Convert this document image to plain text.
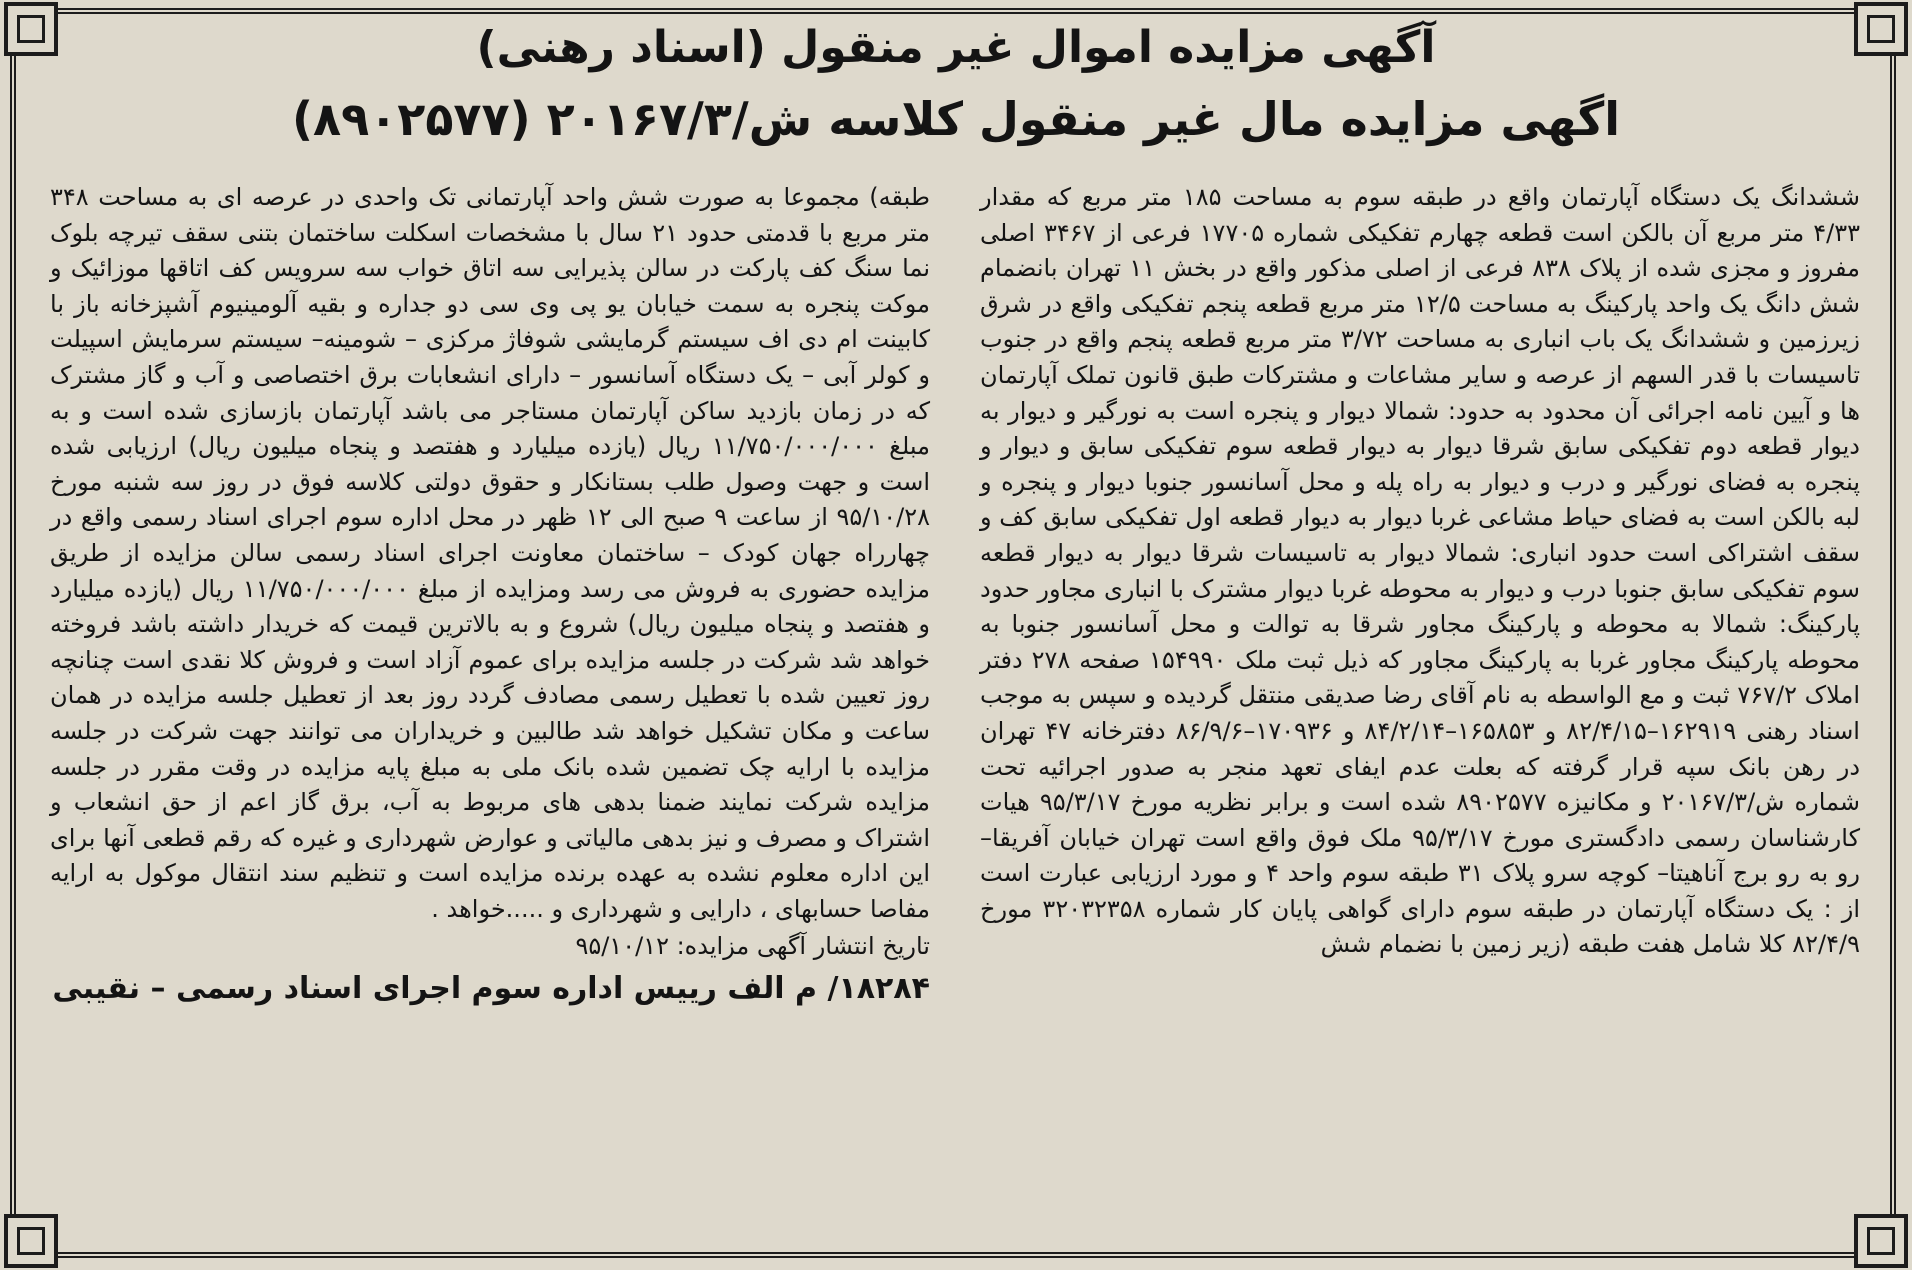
آگهی مزایده اموال غیر منقول (اسناد رهنی)
اگهی مزایده مال غیر منقول کلاسه ش/۲۰۱۶۷/۳ (۸۹۰۲۵۷۷)

ششدانگ یک دستگاه آپارتمان واقع در طبقه سوم به مساحت ۱۸۵ متر مربع که مقدار ۴/۳۳ متر مربع آن بالکن است قطعه چهارم تفکیکی شماره ۱۷۷۰۵ فرعی از ۳۴۶۷ اصلی مفروز و مجزی شده از پلاک ۸۳۸ فرعی از اصلی مذکور واقع در بخش ۱۱ تهران بانضمام شش دانگ یک واحد پارکینگ به مساحت ۱۲/۵ متر مربع قطعه پنجم تفکیکی واقع در شرق زیرزمین و ششدانگ یک باب انباری به مساحت ۳/۷۲ متر مربع قطعه پنجم واقع در جنوب تاسیسات با قدر السهم از عرصه و سایر مشاعات و مشترکات طبق قانون تملک آپارتمان ها و آیین نامه اجرائی آن محدود به حدود: شمالا دیوار و پنجره است به نورگیر و دیوار به دیوار قطعه دوم تفکیکی سابق شرقا دیوار به دیوار قطعه سوم تفکیکی سابق و دیوار و پنجره به فضای نورگیر و درب و دیوار به راه پله و محل آسانسور جنوبا دیوار و پنجره و لبه بالکن است به فضای حیاط مشاعی غربا دیوار به دیوار قطعه اول تفکیکی سابق کف و سقف اشتراکی است حدود انباری: شمالا دیوار به تاسیسات شرقا دیوار به دیوار قطعه سوم تفکیکی سابق جنوبا درب و دیوار به محوطه غربا دیوار مشترک با انباری مجاور حدود پارکینگ: شمالا به محوطه و پارکینگ مجاور شرقا به توالت و محل آسانسور جنوبا به محوطه پارکینگ مجاور غربا به پارکینگ مجاور که ذیل ثبت ملک ۱۵۴۹۹۰ صفحه ۲۷۸ دفتر املاک ۷۶۷/۲ ثبت و مع الواسطه به نام آقای رضا صدیقی منتقل گردیده و سپس به موجب اسناد رهنی ۱۶۲۹۱۹–۸۲/۴/۱۵ و ۱۶۵۸۵۳–۸۴/۲/۱۴ و ۱۷۰۹۳۶–۸۶/۹/۶ دفترخانه ۴۷ تهران در رهن بانک سپه قرار گرفته که بعلت عدم ایفای تعهد منجر به صدور اجرائیه تحت شماره ش/۲۰۱۶۷/۳ و مکانیزه ۸۹۰۲۵۷۷ شده است و برابر نظریه مورخ ۹۵/۳/۱۷ هیات کارشناسان رسمی دادگستری مورخ ۹۵/۳/۱۷ ملک فوق واقع است تهران خیابان آفریقا– رو به رو برج آناهیتا– کوچه سرو پلاک ۳۱ طبقه سوم واحد ۴ و مورد ارزیابی عبارت است از : یک دستگاه آپارتمان در طبقه سوم دارای گواهی پایان کار شماره ۳۲۰۳۲۳۵۸ مورخ ۸۲/۴/۹ کلا شامل هفت طبقه (زیر زمین با نضمام شش

طبقه) مجموعا به صورت شش واحد آپارتمانی تک واحدی در عرصه ای به مساحت ۳۴۸ متر مربع با قدمتی حدود ۲۱ سال با مشخصات اسکلت ساختمان بتنی سقف تیرچه بلوک نما سنگ کف پارکت در سالن پذیرایی سه اتاق خواب سه سرویس کف اتاقها موزائیک و موکت پنجره به سمت خیابان یو پی وی سی دو جداره و بقیه آلومینیوم آشپزخانه باز با کابینت ام دی اف سیستم گرمایشی شوفاژ مرکزی – شومینه– سیستم سرمایش اسپیلت و کولر آبی – یک دستگاه آسانسور – دارای انشعابات برق اختصاصی و آب و گاز مشترک که در زمان بازدید ساکن آپارتمان مستاجر می باشد آپارتمان بازسازی شده است و به مبلغ ۱۱/۷۵۰/۰۰۰/۰۰۰ ریال (یازده میلیارد و هفتصد و پنجاه میلیون ریال) ارزیابی شده است و جهت وصول طلب بستانکار و حقوق دولتی کلاسه فوق در روز سه شنبه مورخ ۹۵/۱۰/۲۸ از ساعت ۹ صبح الی ۱۲ ظهر در محل اداره سوم اجرای اسناد رسمی واقع در چهارراه جهان کودک – ساختمان معاونت اجرای اسناد رسمی سالن مزایده از طریق مزایده حضوری به فروش می رسد ومزایده از مبلغ ۱۱/۷۵۰/۰۰۰/۰۰۰ ریال (یازده میلیارد و هفتصد و پنجاه میلیون ریال) شروع و به بالاترین قیمت که خریدار داشته باشد فروخته خواهد شد شرکت در جلسه مزایده برای عموم آزاد است و فروش کلا نقدی است چنانچه روز تعیین شده با تعطیل رسمی مصادف گردد روز بعد از تعطیل جلسه مزایده در همان ساعت و مکان تشکیل خواهد شد طالبین و خریداران می توانند جهت شرکت در جلسه مزایده با ارایه چک تضمین شده بانک ملی به مبلغ پایه مزایده در وقت مقرر در جلسه مزایده شرکت نمایند ضمنا بدهی های مربوط به آب، برق گاز اعم از حق انشعاب و اشتراک و مصرف و نیز بدهی مالیاتی و عوارض شهرداری و غیره که رقم قطعی آنها برای این اداره معلوم نشده به عهده برنده مزایده است و تنظیم سند انتقال موکول به ارایه مفاصا حسابهای ، دارایی و شهرداری و .....خواهد .

تاریخ انتشار آگهی مزایده: ۹۵/۱۰/۱۲
۱۸۲۸۴/ م الف رییس اداره سوم اجرای اسناد رسمی – نقیبی
